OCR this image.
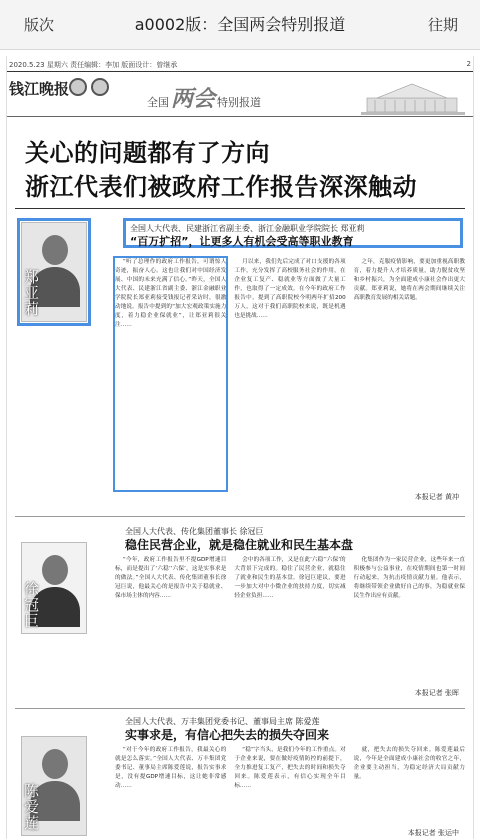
版次	a0002版：全国两会特别报道	往期
2020.5.23 星期六 责任编辑：李加 版面设计：曾继承	2
钱江晚报
全国两会 特别报道
关心的问题都有了方向
浙江代表们被政府工作报告深深触动
郑亚莉
全国人大代表、民建浙江省副主委、浙江金融职业学院院长 郑亚莉
“百万扩招”，让更多人有机会受高等职业教育

“听了总理作的政府工作报告，可谓惊人奇迹，振奋人心。这也让我们对中国经济发展、中国的未来充满了信心。”昨天，全国人大代表、民建浙江省副主委、浙江金融职业学院院长郑亚莉接受钱报记者采访时，很激动地说。报告中提到的“加大宏观政策实施力度，着力稳企业保就业”，让郑亚莉很关注……

月以来，我们先后完成了对口支援的各项工作，充分发挥了高校服务社会的作用，在企业复工复产、稳就业等方面做了大量工作，也取得了一定成效。在今年的政府工作报告中，提到了高职院校今明两年扩招200万人，这对于我们高职院校来说，既是机遇也是挑战……

之年，克服疫情影响，要更加重视高职教育，着力提升人才培养质量，助力脱贫攻坚和乡村振兴，为全面建成小康社会作出更大贡献。郑亚莉说，她将在两会期间继续关注高职教育发展的相关话题。

本报记者 黄冲
徐冠巨
全国人大代表、传化集团董事长 徐冠巨
稳住民营企业，就是稳住就业和民生基本盘

“今年，政府工作报告里不提GDP增速目标，而是提出了‘六稳’‘六保’，这是实事求是的做法。”全国人大代表、传化集团董事长徐冠巨说，他最关心的是报告中关于稳就业、保市场主体的内容……

会中的各项工作，又是在此‘六稳’‘六保’的大背景下完成的。稳住了民营企业，就稳住了就业和民生的基本盘。徐冠巨建议，要进一步加大对中小微企业的扶持力度，切实减轻企业负担……

化集团作为一家民营企业，这些年来一直积极参与公益事业，在疫情期间也第一时间行动起来，为抗击疫情贡献力量。他表示，将继续带领企业做好自己的事，为稳就业保民生作出应有贡献。

本报记者 张晖
陈爱莲
全国人大代表、万丰集团党委书记、董事局主席 陈爱莲
实事求是，有信心把失去的损失夺回来

“对于今年的政府工作报告，我最关心的就是怎么落实。”全国人大代表、万丰集团党委书记、董事局主席陈爱莲说，报告实事求是，没有提GDP增速目标，这让她非常感动……

“稳”字当头，是我们今年的工作重点。对于企业来说，要在做好疫情防控的前提下，全力推进复工复产，把失去的时间和损失夺回来。陈爱莲表示，有信心实现全年目标……

就，把失去的损失夺回来。陈爱莲最后说，今年是全面建成小康社会的收官之年，企业要主动担当，为稳定经济大局贡献力量。

本报记者 张运中
